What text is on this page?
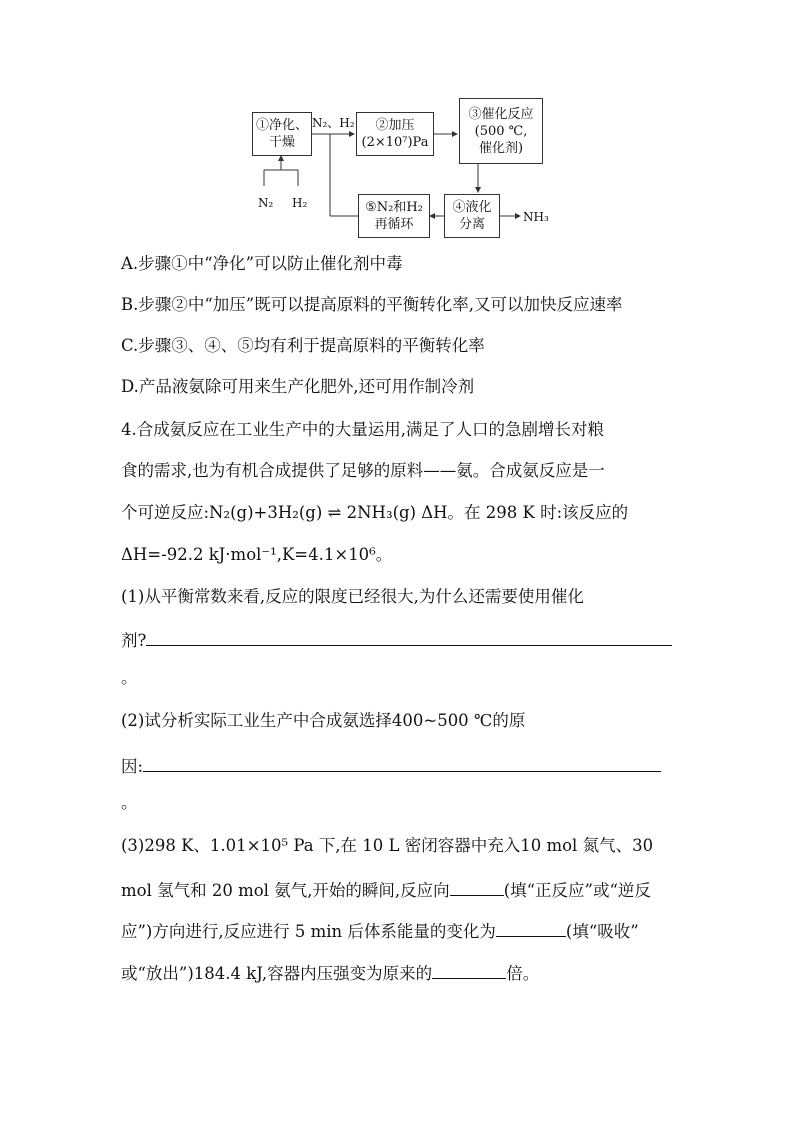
①净化、
干燥
②加压
(2×10⁷)Pa
③催化反应
(500 ℃,
催化剂)
④液化
分离
⑤N₂和H₂
再循环
N₂、H₂
N₂ H₂
NH₃
A.步骤①中“净化”可以防止催化剂中毒
B.步骤②中“加压”既可以提高原料的平衡转化率,又可以加快反应速率
C.步骤③、④、⑤均有利于提高原料的平衡转化率
D.产品液氨除可用来生产化肥外,还可用作制冷剂
4.合成氨反应在工业生产中的大量运用,满足了人口的急剧增长对粮
食的需求,也为有机合成提供了足够的原料——氨。合成氨反应是一
个可逆反应:N₂(g)+3H₂(g) ⇌ 2NH₃(g) ΔH。在 298 K 时:该反应的
ΔH=-92.2 kJ·mol⁻¹,K=4.1×10⁶。
(1)从平衡常数来看,反应的限度已经很大,为什么还需要使用催化
剂?
。
(2)试分析实际工业生产中合成氨选择400~500 ℃的原
因:
。
(3)298 K、1.01×10⁵ Pa 下,在 10 L 密闭容器中充入10 mol 氮气、30
mol 氢气和 20 mol 氨气,开始的瞬间,反应向	(填“正反应”或“逆反
应”)方向进行,反应进行 5 min 后体系能量的变化为	(填“吸收”
或“放出”)184.4 kJ,容器内压强变为原来的	倍。
